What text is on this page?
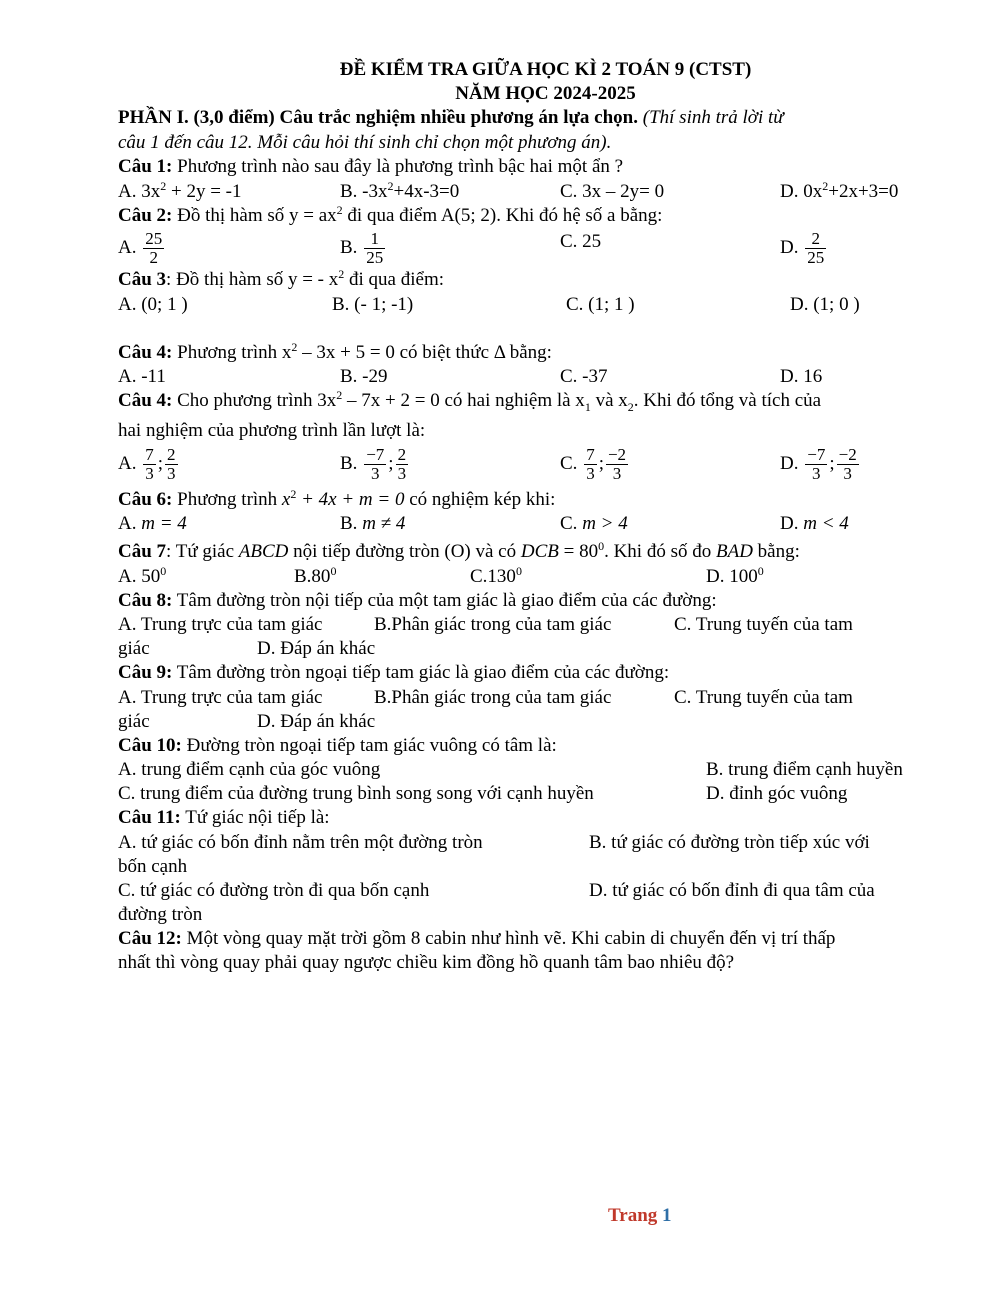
ĐỀ KIỂM TRA GIỮA HỌC KÌ 2 TOÁN 9 (CTST)
NĂM HỌC 2024-2025
PHẦN I. (3,0 điểm) Câu trắc nghiệm nhiều phương án lựa chọn. (Thí sinh trả lời từ
câu 1 đến câu 12. Mỗi câu hỏi thí sinh chỉ chọn một phương án).
Câu 1: Phương trình nào sau đây là phương trình bậc hai một ẩn ?
A. $3x^2 + 2y = -1$	B. $-3x^2+4x-3=0$	C. 3x – 2y= 0	D. $0x^2+2x+3=0$
Câu 2: Đồ thị hàm số $y = ax^2$ đi qua điểm A(5; 2). Khi đó hệ số a bằng:
A. $\frac{25}{2}$	B. $\frac{1}{25}$	C. 25	D. $\frac{2}{25}$
Câu 3: Đồ thị hàm số y = - $x^2$ đi qua điểm:
A. (0; 1 )	B. (- 1; -1)	C. (1; 1 )	D. (1; 0 )
Câu 4: Phương trình $x^2 - 3x + 5 = 0$ có biệt thức Δ bằng:
A. -11	B. -29	C. -37	D. 16
Câu 4: Cho phương trình $3x^2 - 7x + 2 = 0$ có hai nghiệm là $x_1$ và $x_2$. Khi đó tổng và tích của
hai nghiệm của phương trình lần lượt là:
A. $\frac{7}{3}$ ; $\frac{2}{3}$	B. $\frac{-7}{3}$ ; $\frac{2}{3}$	C. $\frac{7}{3}$ ; $\frac{-2}{3}$	D. $\frac{-7}{3}$ ; $\frac{-2}{3}$
Câu 6: Phương trình $x^2 + 4x + m = 0$ có nghiệm kép khi:
A. m = 4	B. m ≠ 4	C. m > 4	D. m < 4
Câu 7: Tứ giác ABCD nội tiếp đường tròn (O) và có DCB = $80^0$. Khi đó số đo BAD bằng:
A. $50^0$	$B.80^0$	C.130$^0$	D. $100^0$
Câu 8: Tâm đường tròn nội tiếp của một tam giác là giao điểm của các đường:
A. Trung trực của tam giác	B.Phân giác trong của tam giác	C. Trung tuyến của tam
giác	D. Đáp án khác
Câu 9: Tâm đường tròn ngoại tiếp tam giác là giao điểm của các đường:
A. Trung trực của tam giác	B.Phân giác trong của tam giác	C. Trung tuyến của tam
giác	D. Đáp án khác
Câu 10: Đường tròn ngoại tiếp tam giác vuông có tâm là:
A. trung điểm cạnh của góc vuông	B. trung điểm cạnh huyền
C. trung điểm của đường trung bình song song với cạnh huyền	D. đỉnh góc vuông
Câu 11: Tứ giác nội tiếp là:
A. tứ giác có bốn đỉnh nằm trên một đường tròn	B. tứ giác có đường tròn tiếp xúc với
bốn cạnh
C. tứ giác có đường tròn đi qua bốn cạnh	D. tứ giác có bốn đỉnh đi qua tâm của
đường tròn
Câu 12: Một vòng quay mặt trời gồm 8 cabin như hình vẽ. Khi cabin di chuyển đến vị trí thấp
nhất thì vòng quay phải quay ngược chiều kim đồng hồ quanh tâm bao nhiêu độ?
Trang 1
